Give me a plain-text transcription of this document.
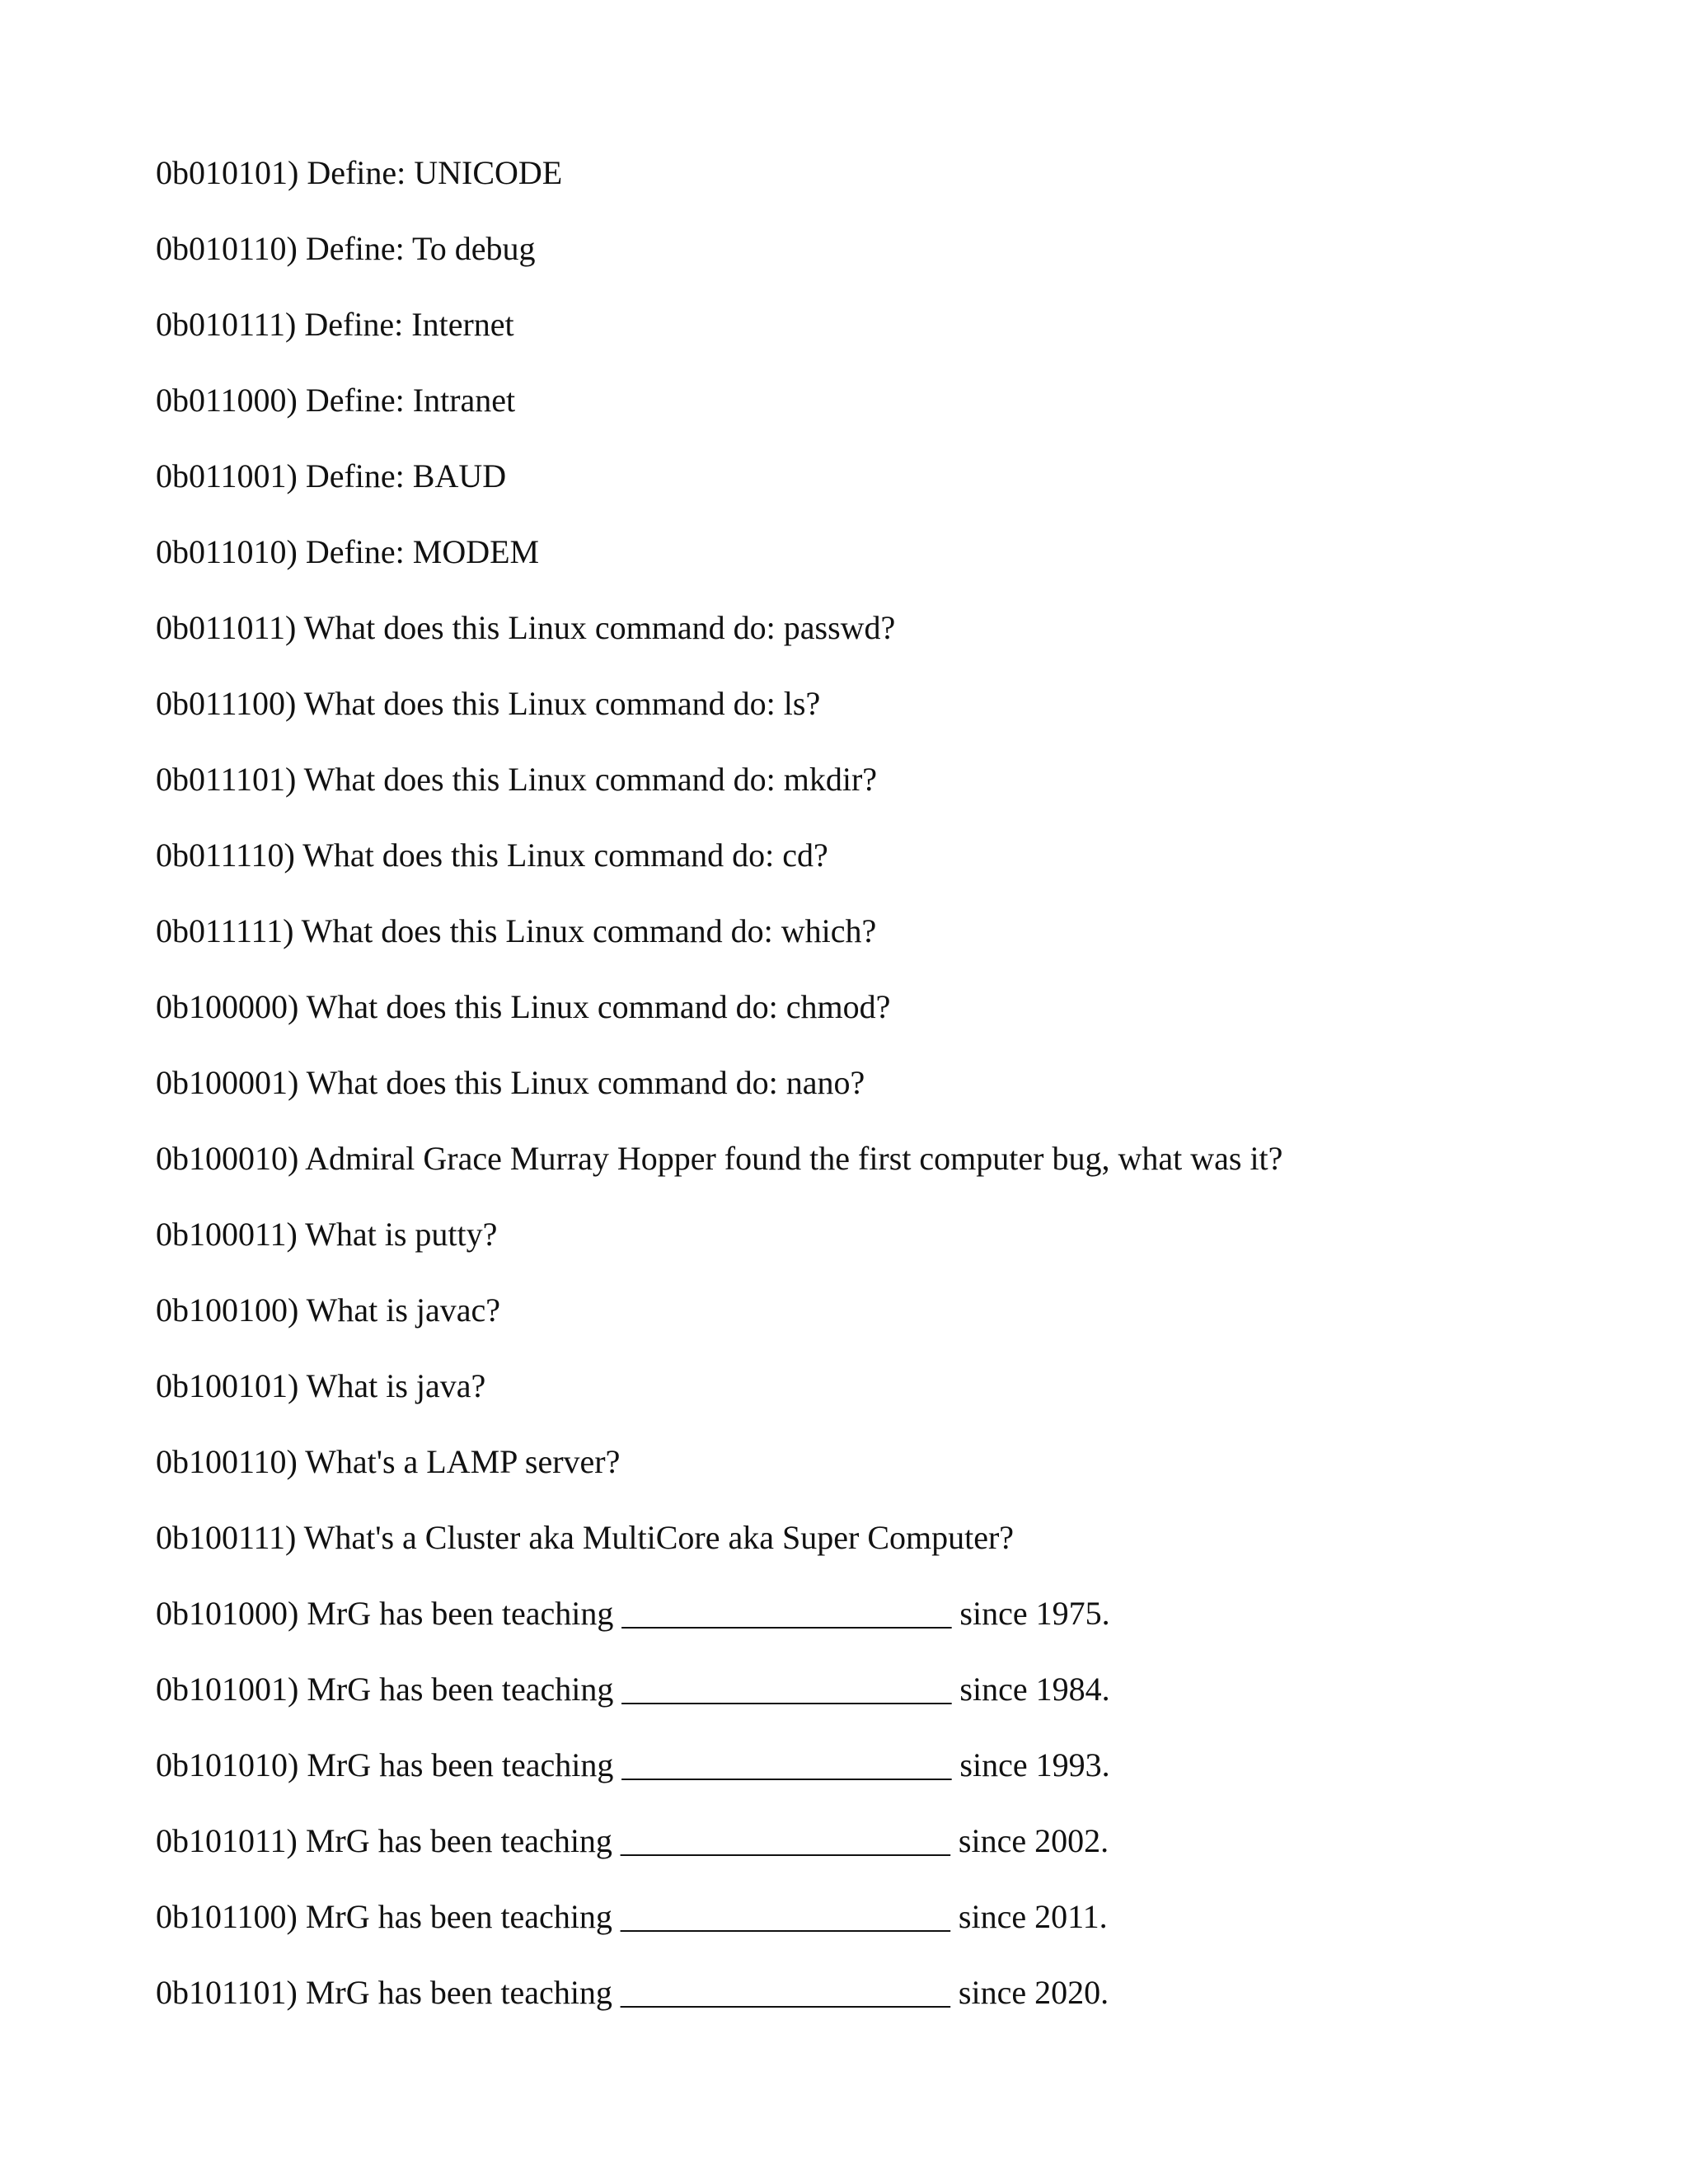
0b010101) Define: UNICODE
0b010110) Define: To debug
0b010111) Define: Internet
0b011000) Define: Intranet
0b011001) Define: BAUD
0b011010) Define: MODEM
0b011011) What does this Linux command do: passwd?
0b011100) What does this Linux command do: ls?
0b011101) What does this Linux command do: mkdir?
0b011110) What does this Linux command do: cd?
0b011111) What does this Linux command do: which?
0b100000) What does this Linux command do: chmod?
0b100001) What does this Linux command do: nano?
0b100010) Admiral Grace Murray Hopper found the first computer bug, what was it?
0b100011) What is putty?
0b100100) What is javac?
0b100101) What is java?
0b100110) What's a LAMP server?
0b100111) What's a Cluster aka MultiCore aka Super Computer?
0b101000) MrG has been teaching ____________________ since 1975.
0b101001) MrG has been teaching ____________________ since 1984.
0b101010) MrG has been teaching ____________________ since 1993.
0b101011) MrG has been teaching ____________________ since 2002.
0b101100) MrG has been teaching ____________________ since 2011.
0b101101) MrG has been teaching ____________________ since 2020.
